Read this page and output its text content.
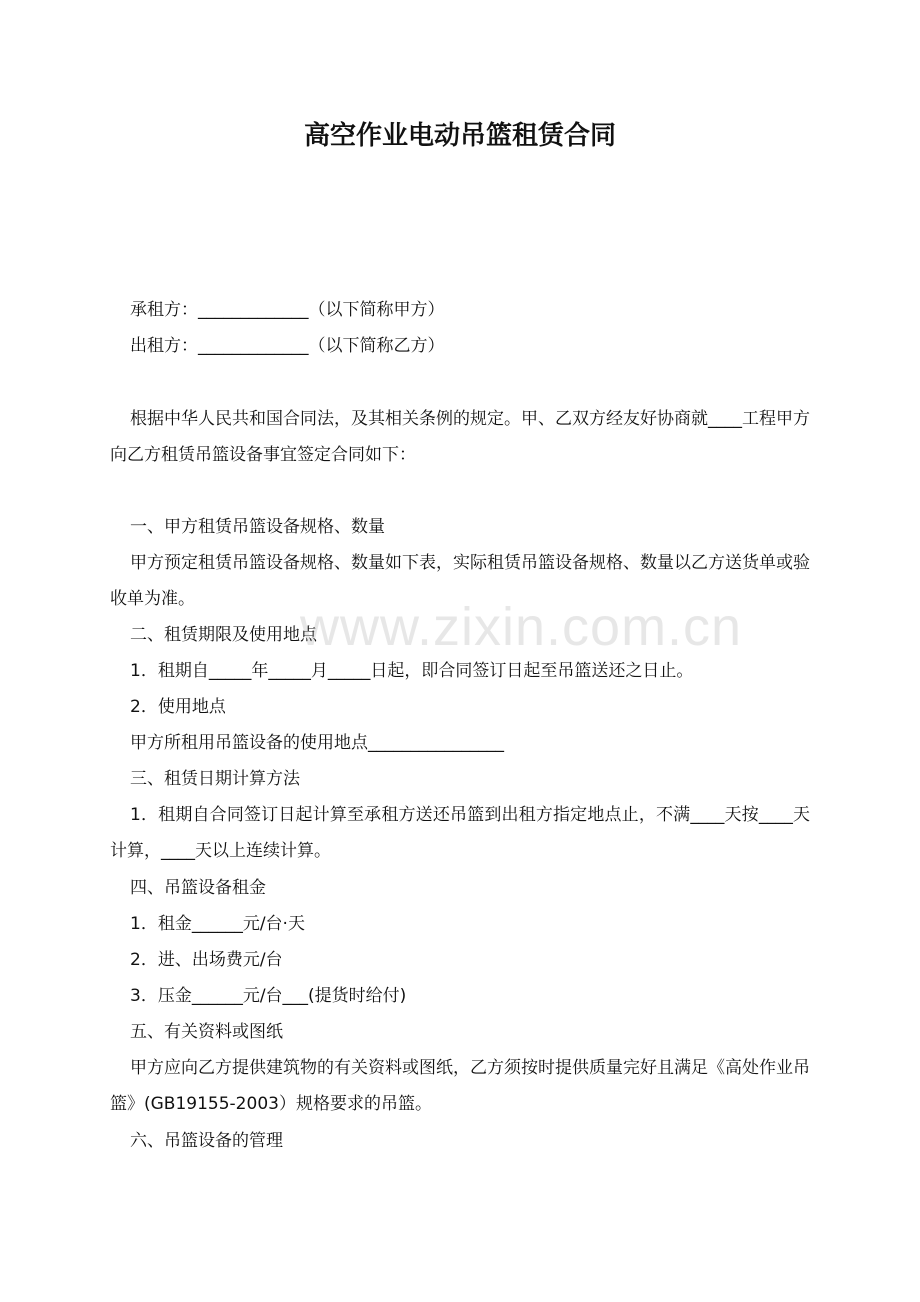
高空作业电动吊篮租赁合同
承租方：_____________（以下简称甲方）
出租方：_____________（以下简称乙方）
根据中华人民共和国合同法，及其相关条例的规定。甲、乙双方经友好协商就____工程甲方向乙方租赁吊篮设备事宜签定合同如下：
一、甲方租赁吊篮设备规格、数量
甲方预定租赁吊篮设备规格、数量如下表，实际租赁吊篮设备规格、数量以乙方送货单或验收单为准。
二、租赁期限及使用地点
1．租期自_____年_____月_____日起，即合同签订日起至吊篮送还之日止。
2．使用地点
甲方所租用吊篮设备的使用地点________________
三、租赁日期计算方法
1．租期自合同签订日起计算至承租方送还吊篮到出租方指定地点止，不满____天按____天计算，____天以上连续计算。
四、吊篮设备租金
1．租金______元/台·天
2．进、出场费元/台
3．压金______元/台___(提货时给付)
五、有关资料或图纸
甲方应向乙方提供建筑物的有关资料或图纸，乙方须按时提供质量完好且满足《高处作业吊篮》(GB19155-2003）规格要求的吊篮。
六、吊篮设备的管理
www.zixin.com.cn
